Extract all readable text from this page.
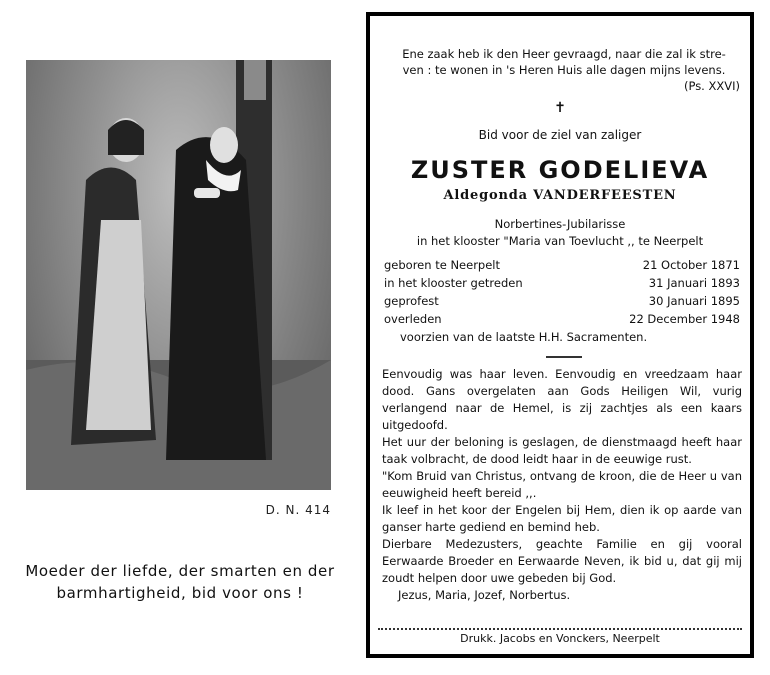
D. N. 414
Moeder der liefde, der smarten en der
barmhartigheid, bid voor ons !
Ene zaak heb ik den Heer gevraagd, naar die zal ik stre-
ven : te wonen in 's Heren Huis alle dagen mijns levens.
(Ps. XXVI)
✝
Bid voor de ziel van zaliger
ZUSTER GODELIEVA
Aldegonda VANDERFEESTEN
Norbertines-Jubilarisse
in het klooster "Maria van Toevlucht ,, te Neerpelt
geboren te Neerpelt	21 October 1871
in het klooster getreden	31 Januari 1893
geprofest	30 Januari 1895
overleden	22 December 1948
voorzien van de laatste H.H. Sacramenten.

Eenvoudig was haar leven. Eenvoudig en vreedzaam haar dood. Gans overgelaten aan Gods Heiligen Wil, vurig verlangend naar de Hemel, is zij zachtjes als een kaars uitgedoofd.

Het uur der beloning is geslagen, de dienstmaagd heeft haar taak volbracht, de dood leidt haar in de eeuwige rust.

"Kom Bruid van Christus, ontvang de kroon, die de Heer u van eeuwigheid heeft bereid ,,.

Ik leef in het koor der Engelen bij Hem, dien ik op aarde van ganser harte gediend en bemind heb.

Dierbare Medezusters, geachte Familie en gij vooral Eerwaarde Broeder en Eerwaarde Neven, ik bid u, dat gij mij zoudt helpen door uwe gebeden bij God.

Jezus, Maria, Jozef, Norbertus.

Drukk. Jacobs en Vonckers, Neerpelt
